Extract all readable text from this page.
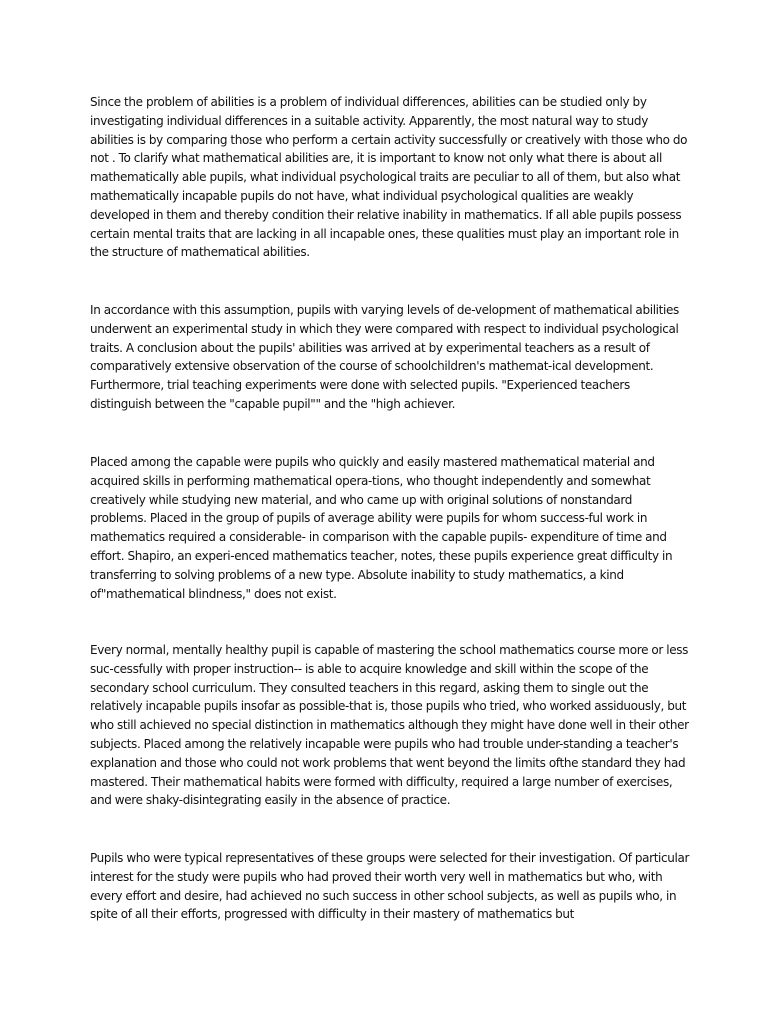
Since the problem of abilities is a problem of individual differences, abilities can be studied only by investigating individual differences in a suitable activity. Apparently, the most natural way to study abilities is by comparing those who perform a certain activity successfully or creatively with those who do not . To clarify what mathematical abilities are, it is important to know not only what there is about all mathematically able pupils, what individual psychological traits are peculiar to all of them, but also what mathematically incapable pupils do not have, what individual psychological qualities are weakly developed in them and thereby condition their relative inability in mathematics. If all able pupils possess certain mental traits that are lacking in all incapable ones, these qualities must play an important role in the structure of mathematical abilities.

In accordance with this assumption, pupils with varying levels of de-velopment of mathematical abilities underwent an experimental study in which they were compared with respect to individual psychological traits. A conclusion about the pupils' abilities was arrived at by experimental teachers as a result of comparatively extensive observation of the course of schoolchildren's mathemat-ical development. Furthermore, trial teaching experiments were done with selected pupils. "Experienced teachers distinguish between the "capable pupil"" and the "high achiever.

Placed among the capable were pupils who quickly and easily mastered mathematical material and acquired skills in performing mathematical opera-tions, who thought independently and somewhat creatively while studying new material, and who came up with original solutions of nonstandard problems. Placed in the group of pupils of average ability were pupils for whom success-ful work in mathematics required a considerable- in comparison with the capable pupils- expenditure of time and effort. Shapiro, an experi-enced mathematics teacher, notes, these pupils experience great difficulty in transferring to solving problems of a new type. Absolute inability to study mathematics, a kind of"mathematical blindness," does not exist.

Every normal, mentally healthy pupil is capable of mastering the school mathematics course more or less suc-cessfully with proper instruction-- is able to acquire knowledge and skill within the scope of the secondary school curriculum. They consulted teachers in this regard, asking them to single out the relatively incapable pupils insofar as possible-that is, those pupils who tried, who worked assiduously, but who still achieved no special distinction in mathematics although they might have done well in their other subjects. Placed among the relatively incapable were pupils who had trouble under-standing a teacher's explanation and those who could not work problems that went beyond the limits ofthe standard they had mastered. Their mathematical habits were formed with difficulty, required a large number of exercises, and were shaky-disintegrating easily in the absence of practice.

Pupils who were typical representatives of these groups were selected for their investigation. Of particular interest for the study were pupils who had proved their worth very well in mathematics but who, with every effort and desire, had achieved no such success in other school subjects, as well as pupils who, in spite of all their efforts, progressed with difficulty in their mastery of mathematics but
